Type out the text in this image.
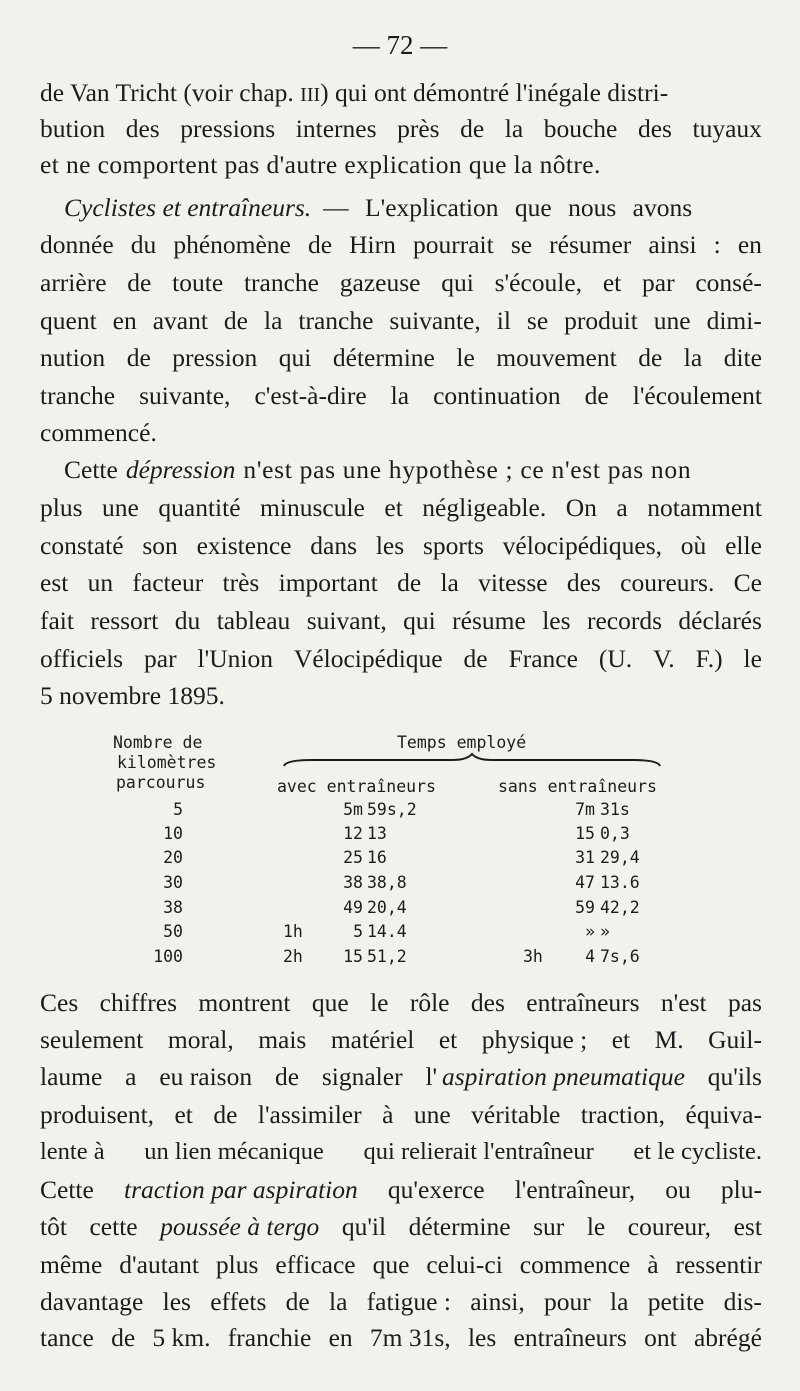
— 72 —
de Van Tricht (voir chap. III) qui ont démontré l'inégale distri-
bution des pressions internes près de la bouche des tuyaux
et ne comportent pas d'autre explication que la nôtre.
Cyclistes et entraîneurs. — L'explication que nous avons
donnée du phénomène de Hirn pourrait se résumer ainsi : en
arrière de toute tranche gazeuse qui s'écoule, et par consé-
quent en avant de la tranche suivante, il se produit une dimi-
nution de pression qui détermine le mouvement de la dite
tranche suivante, c'est-à-dire la continuation de l'écoulement
commencé.
Cette dépression n'est pas une hypothèse ; ce n'est pas non
plus une quantité minuscule et négligeable. On a notamment
constaté son existence dans les sports vélocipédiques, où elle
est un facteur très important de la vitesse des coureurs. Ce
fait ressort du tableau suivant, qui résume les records déclarés
officiels par l'Union Vélocipédique de France (U. V. F.) le
5 novembre 1895.
Ces chiffres montrent que le rôle des entraîneurs n'est pas
seulement moral, mais matériel et physique ; et M. Guil-
laume a eu raison de signaler l' aspiration pneumatique qu'ils
produisent, et de l'assimiler à une véritable traction, équiva-
lente à un lien mécanique qui relierait l'entraîneur et le cycliste.
Cette traction par aspiration qu'exerce l'entraîneur, ou plu-
tôt cette poussée à tergo qu'il détermine sur le coureur, est
même d'autant plus efficace que celui-ci commence à ressentir
davantage les effets de la fatigue : ainsi, pour la petite dis-
tance de 5 km. franchie en 7m 31s, les entraîneurs ont abrégé
Nombre de
kilomètres
parcourus
Temps employé
avec entraîneurs	sans entraîneurs
5	5m 59s,2	7m 31s
10	12 13	15 0,3
20	25 16	31 29,4
30	38 38,8	47 13.6
38	49 20,4	59 42,2
50	1h	5 14.4	» »
100	2h	15 51,2	3h	4 7s,6
